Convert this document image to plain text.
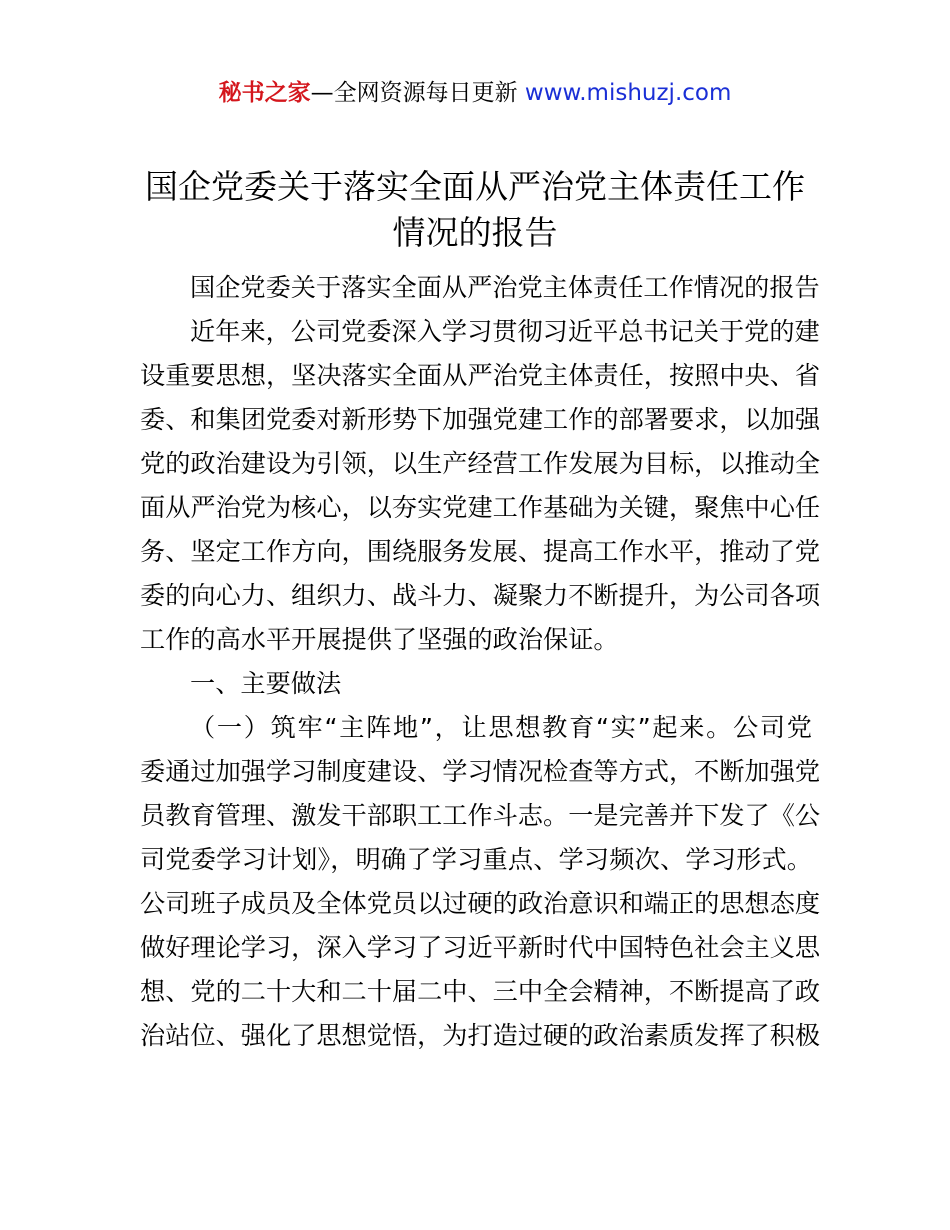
秘书之家—全网资源每日更新 www.mishuzj.com
国企党委关于落实全面从严治党主体责任工作
情况的报告
国企党委关于落实全面从严治党主体责任工作情况的报告
近年来，公司党委深入学习贯彻习近平总书记关于党的建
设重要思想，坚决落实全面从严治党主体责任，按照中央、省
委、和集团党委对新形势下加强党建工作的部署要求，以加强
党的政治建设为引领，以生产经营工作发展为目标，以推动全
面从严治党为核心，以夯实党建工作基础为关键，聚焦中心任
务、坚定工作方向，围绕服务发展、提高工作水平，推动了党
委的向心力、组织力、战斗力、凝聚力不断提升，为公司各项
工作的高水平开展提供了坚强的政治保证。
一、主要做法
（一）筑牢“主阵地”，让思想教育“实”起来。公司党
委通过加强学习制度建设、学习情况检查等方式，不断加强党
员教育管理、激发干部职工工作斗志。一是完善并下发了《公
司党委学习计划》，明确了学习重点、学习频次、学习形式。
公司班子成员及全体党员以过硬的政治意识和端正的思想态度
做好理论学习，深入学习了习近平新时代中国特色社会主义思
想、党的二十大和二十届二中、三中全会精神，不断提高了政
治站位、强化了思想觉悟，为打造过硬的政治素质发挥了积极
